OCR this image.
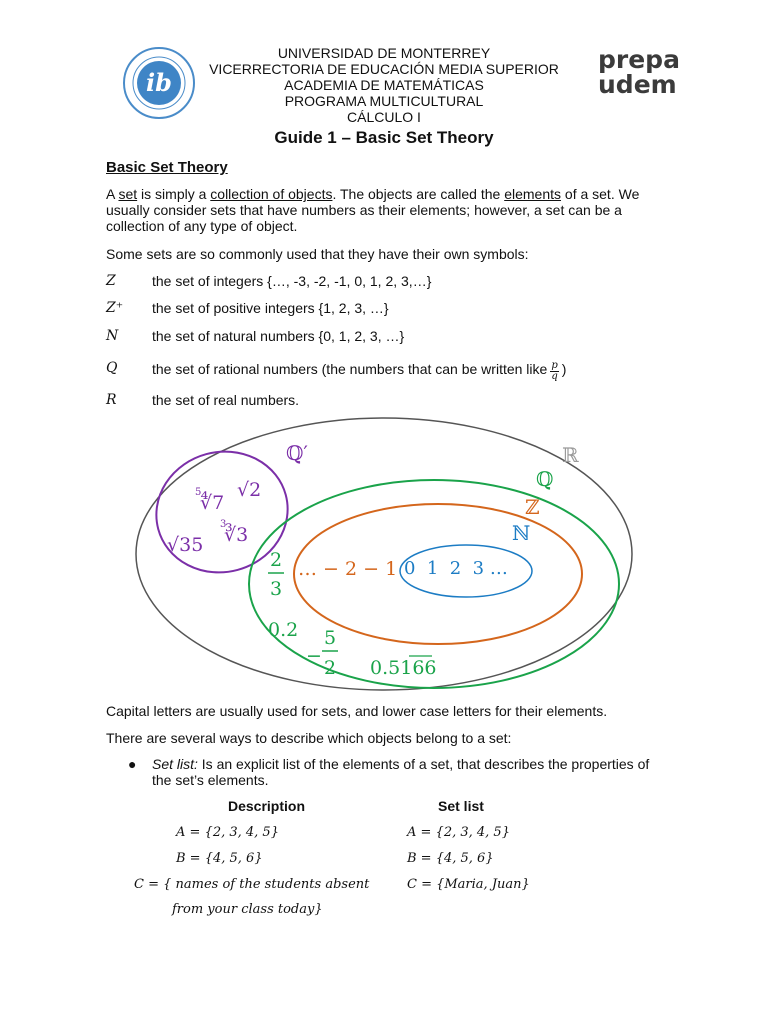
ib
UNIVERSIDAD DE MONTERREY
VICERRECTORIA DE EDUCACIÓN MEDIA SUPERIOR
ACADEMIA DE MATEMÁTICAS
PROGRAMA MULTICULTURAL
CÁLCULO I
Guide 1 – Basic Set Theory
prepa
udem
Basic Set Theory
A set is simply a collection of objects. The objects are called the elements of a set. We usually consider sets that have numbers as their elements; however, a set can be a collection of any type of object.
Some sets are so commonly used that they have their own symbols:
Z	the set of integers {…, -3, -2, -1, 0, 1, 2, 3,…}
Z⁺ the set of positive integers {1, 2, 3, …}
N the set of natural numbers {0, 1, 2, 3, …}
Q the set of rational numbers (the numbers that can be written like $\frac{p}{q}$ )
R	the set of real numbers.
ℝ
ℚ
ℤ
ℕ
ℚ′
5
∜7
√2
√35
3
∛3
2
3
0.2
−
5
2 0.5166
… − 2 − 1 0  1  2  3 …
Capital letters are usually used for sets, and lower case letters for their elements.
There are several ways to describe which objects belong to a set:
●	Set list: Is an explicit list of the elements of a set, that describes the properties of the set’s elements.
Description	Set list
A = {2, 3, 4, 5}	A = {2, 3, 4, 5}
B = {4, 5, 6}	B = {4, 5, 6}
C = { names of the students absent	C = {Maria, Juan}
from your class today}
